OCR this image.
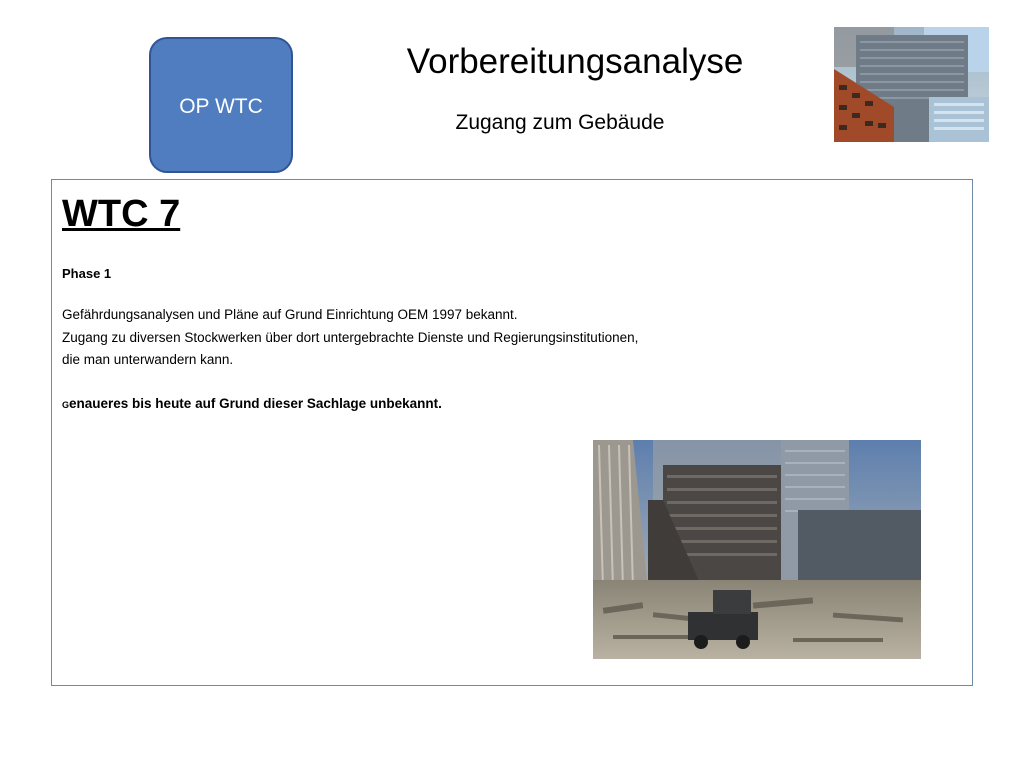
OP WTC
Vorbereitungsanalyse
Zugang zum Gebäude
WTC 7
Phase 1
Gefährdungsanalysen und Pläne auf Grund Einrichtung OEM 1997 bekannt.
Zugang zu diversen Stockwerken über dort untergebrachte Dienste und Regierungsinstitutionen,
die man unterwandern kann.
Genaueres bis heute auf Grund dieser Sachlage unbekannt.
